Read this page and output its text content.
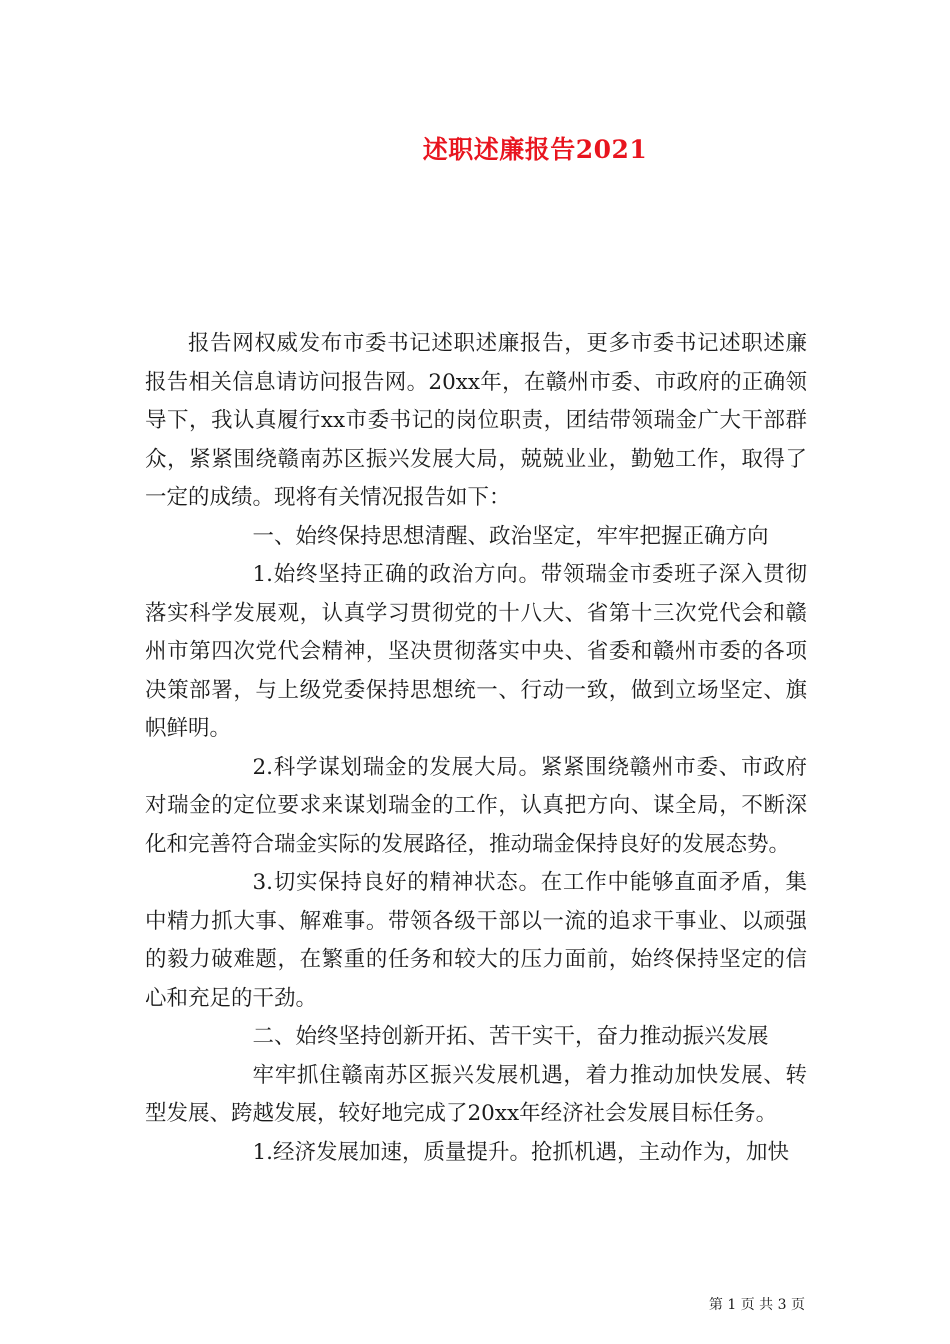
述职述廉报告2021

报告网权威发布市委书记述职述廉报告，更多市委书记述职述廉报告相关信息请访问报告网。20xx年，在赣州市委、市政府的正确领导下，我认真履行xx市委书记的岗位职责，团结带领瑞金广大干部群众，紧紧围绕赣南苏区振兴发展大局，兢兢业业，勤勉工作，取得了一定的成绩。现将有关情况报告如下：

一、始终保持思想清醒、政治坚定，牢牢把握正确方向

1.始终坚持正确的政治方向。带领瑞金市委班子深入贯彻落实科学发展观，认真学习贯彻党的十八大、省第十三次党代会和赣州市第四次党代会精神，坚决贯彻落实中央、省委和赣州市委的各项决策部署，与上级党委保持思想统一、行动一致，做到立场坚定、旗帜鲜明。

2.科学谋划瑞金的发展大局。紧紧围绕赣州市委、市政府对瑞金的定位要求来谋划瑞金的工作，认真把方向、谋全局，不断深化和完善符合瑞金实际的发展路径，推动瑞金保持良好的发展态势。

3.切实保持良好的精神状态。在工作中能够直面矛盾，集中精力抓大事、解难事。带领各级干部以一流的追求干事业、以顽强的毅力破难题，在繁重的任务和较大的压力面前，始终保持坚定的信心和充足的干劲。

二、始终坚持创新开拓、苦干实干，奋力推动振兴发展

牢牢抓住赣南苏区振兴发展机遇，着力推动加快发展、转型发展、跨越发展，较好地完成了20xx年经济社会发展目标任务。

1.经济发展加速，质量提升。抢抓机遇，主动作为，加快

第 1 页 共 3 页
